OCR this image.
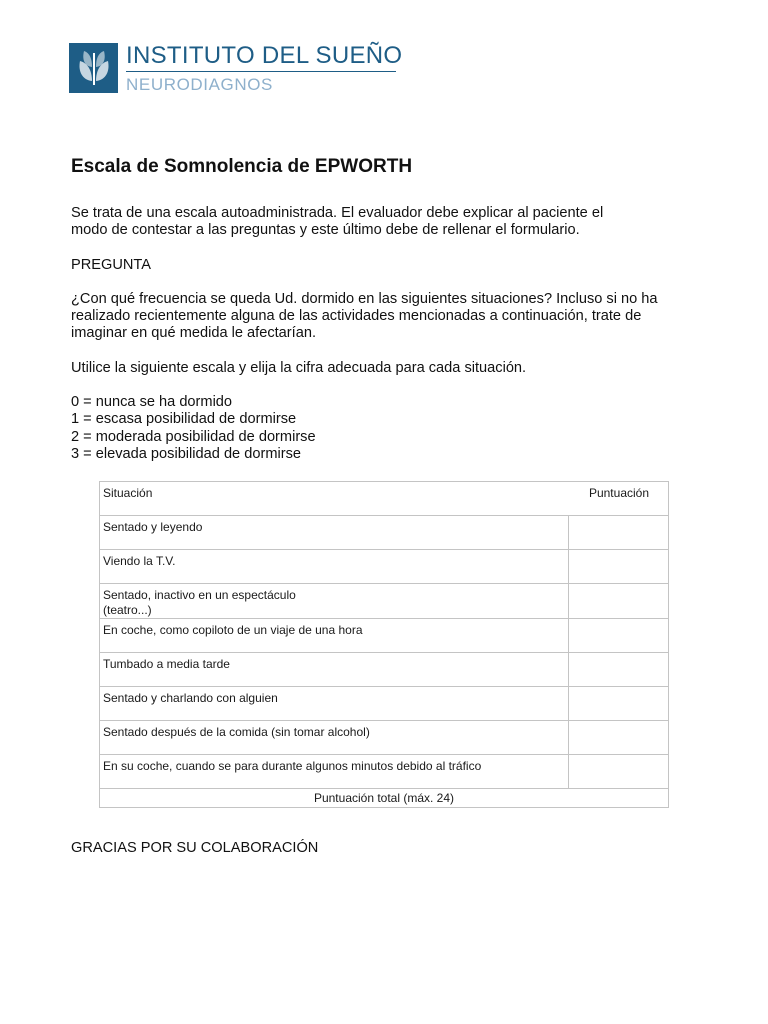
INSTITUTO DEL SUEÑO
NEURODIAGNOS
Escala de Somnolencia de EPWORTH

Se trata de una escala autoadministrada. El evaluador debe explicar al paciente el

modo de contestar a las preguntas y este último debe de rellenar el formulario.

PREGUNTA

¿Con qué frecuencia se queda Ud. dormido en las siguientes situaciones? Incluso si no ha

realizado recientemente alguna de las actividades mencionadas a continuación, trate de

imaginar en qué medida le afectarían.

Utilice la siguiente escala y elija la cifra adecuada para cada situación.

0 = nunca se ha dormido

1 = escasa posibilidad de dormirse

2 = moderada posibilidad de dormirse

3 = elevada posibilidad de dormirse

Situación	Puntuación
Sentado y leyendo	
Viendo la T.V.	
Sentado, inactivo en un espectáculo
(teatro...)	
En coche, como copiloto de un viaje de una hora	
Tumbado a media tarde	
Sentado y charlando con alguien	
Sentado después de la comida (sin tomar alcohol)	
En su coche, cuando se para durante algunos minutos debido al tráfico	
Puntuación total (máx. 24)	

GRACIAS POR SU COLABORACIÓN
